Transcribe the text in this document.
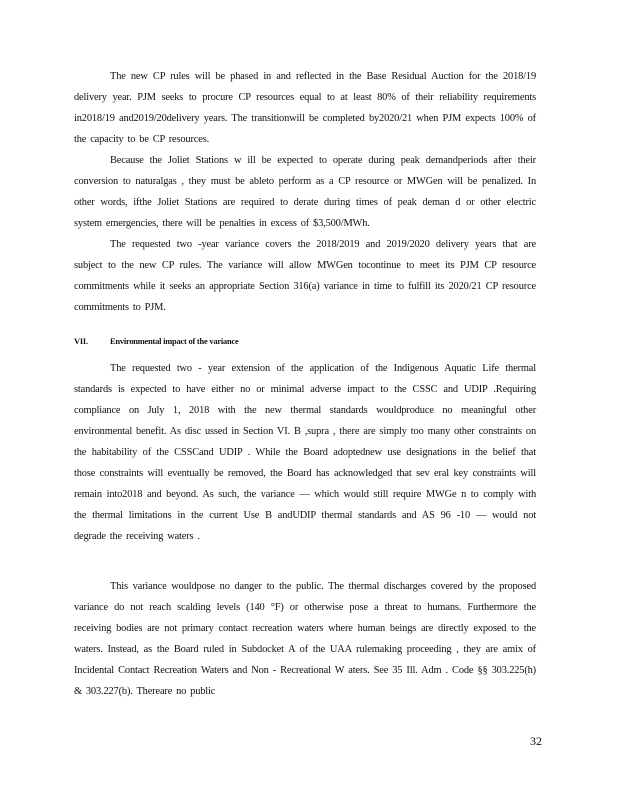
The new CP rules will be phased in and reflected in the Base Residual Auction for the 2018/19 delivery year. PJM seeks to procure CP resources equal to at least 80% of their reliability requirements in2018/19 and2019/20delivery years. The transitionwill be completed by2020/21 when PJM expects 100% of the capacity to be CP resources.

Because the Joliet Stations w ill be expected to operate during peak demandperiods after their conversion to naturalgas , they must be ableto perform as a CP resource or MWGen will be penalized. In other words, ifthe Joliet Stations are required to derate during times of peak deman d or other electric system emergencies, there will be penalties in excess of $3,500/MWh.

The requested two -year variance covers the 2018/2019 and 2019/2020 delivery years that are subject to the new CP rules. The variance will allow MWGen tocontinue to meet its PJM CP resource commitments while it seeks an appropriate Section 316(a) variance in time to fulfill its 2020/21 CP resource commitments to PJM.

VII.	Environmental impact of the variance

The requested two - year extension of the application of the Indigenous Aquatic Life thermal standards is expected to have either no or minimal adverse impact to the CSSC and UDIP .Requiring compliance on July 1, 2018 with the new thermal standards wouldproduce no meaningful other environmental benefit. As disc ussed in Section VI. B ,supra , there are simply too many other constraints on the habitability of the CSSCand UDIP . While the Board adoptednew use designations in the belief that those constraints will eventually be removed, the Board has acknowledged that sev eral key constraints will remain into2018 and beyond. As such, the variance — which would still require MWGe n to comply with the thermal limitations in the current Use B andUDIP thermal standards and AS 96 -10 — would not degrade the receiving waters .

This variance wouldpose no danger to the public. The thermal discharges covered by the proposed variance do not reach scalding levels (140 °F) or otherwise pose a threat to humans. Furthermore the receiving bodies are not primary contact recreation waters where human beings are directly exposed to the waters. Instead, as the Board ruled in Subdocket A of the UAA rulemaking proceeding , they are amix of Incidental Contact Recreation Waters and Non - Recreational W aters. See 35 Ill. Adm . Code §§ 303.225(h) & 303.227(b). Thereare no public

32
